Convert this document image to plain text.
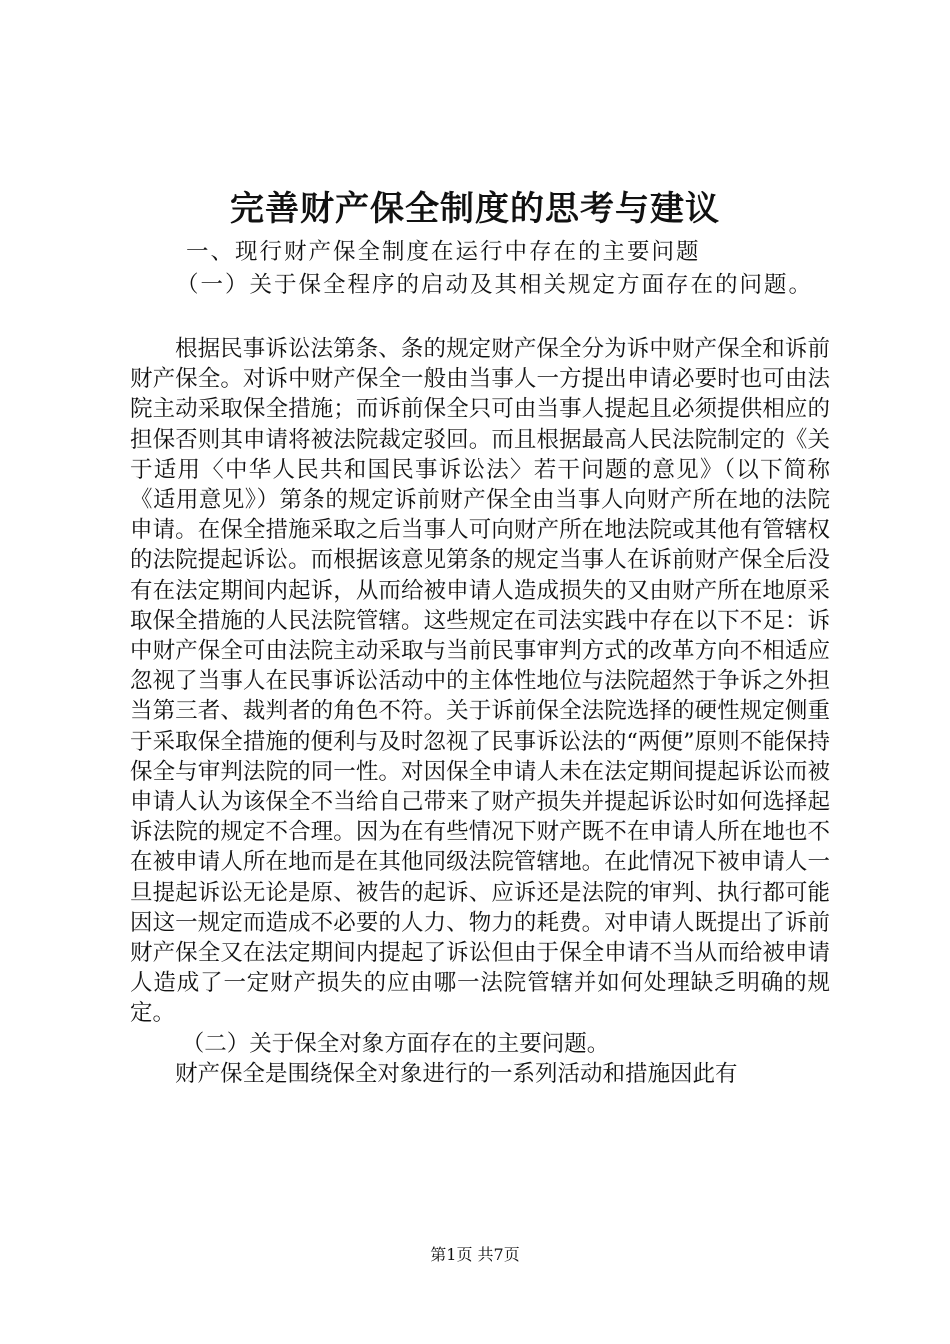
完善财产保全制度的思考与建议
一、现行财产保全制度在运行中存在的主要问题
（一）关于保全程序的启动及其相关规定方面存在的问题。

根据民事诉讼法第条、条的规定财产保全分为诉中财产保全和诉前财产保全。对诉中财产保全一般由当事人一方提出申请必要时也可由法院主动采取保全措施；而诉前保全只可由当事人提起且必须提供相应的担保否则其申请将被法院裁定驳回。而且根据最高人民法院制定的《关于适用〈中华人民共和国民事诉讼法〉若干问题的意见》（以下简称《适用意见》）第条的规定诉前财产保全由当事人向财产所在地的法院申请。在保全措施采取之后当事人可向财产所在地法院或其他有管辖权的法院提起诉讼。而根据该意见第条的规定当事人在诉前财产保全后没有在法定期间内起诉，从而给被申请人造成损失的又由财产所在地原采取保全措施的人民法院管辖。这些规定在司法实践中存在以下不足：诉中财产保全可由法院主动采取与当前民事审判方式的改革方向不相适应忽视了当事人在民事诉讼活动中的主体性地位与法院超然于争诉之外担当第三者、裁判者的角色不符。关于诉前保全法院选择的硬性规定侧重于采取保全措施的便利与及时忽视了民事诉讼法的“两便”原则不能保持保全与审判法院的同一性。对因保全申请人未在法定期间提起诉讼而被申请人认为该保全不当给自己带来了财产损失并提起诉讼时如何选择起诉法院的规定不合理。因为在有些情况下财产既不在申请人所在地也不在被申请人所在地而是在其他同级法院管辖地。在此情况下被申请人一旦提起诉讼无论是原、被告的起诉、应诉还是法院的审判、执行都可能因这一规定而造成不必要的人力、物力的耗费。对申请人既提出了诉前财产保全又在法定期间内提起了诉讼但由于保全申请不当从而给被申请人造成了一定财产损失的应由哪一法院管辖并如何处理缺乏明确的规定。

（二）关于保全对象方面存在的主要问题。

财产保全是围绕保全对象进行的一系列活动和措施因此有

第1页 共7页
